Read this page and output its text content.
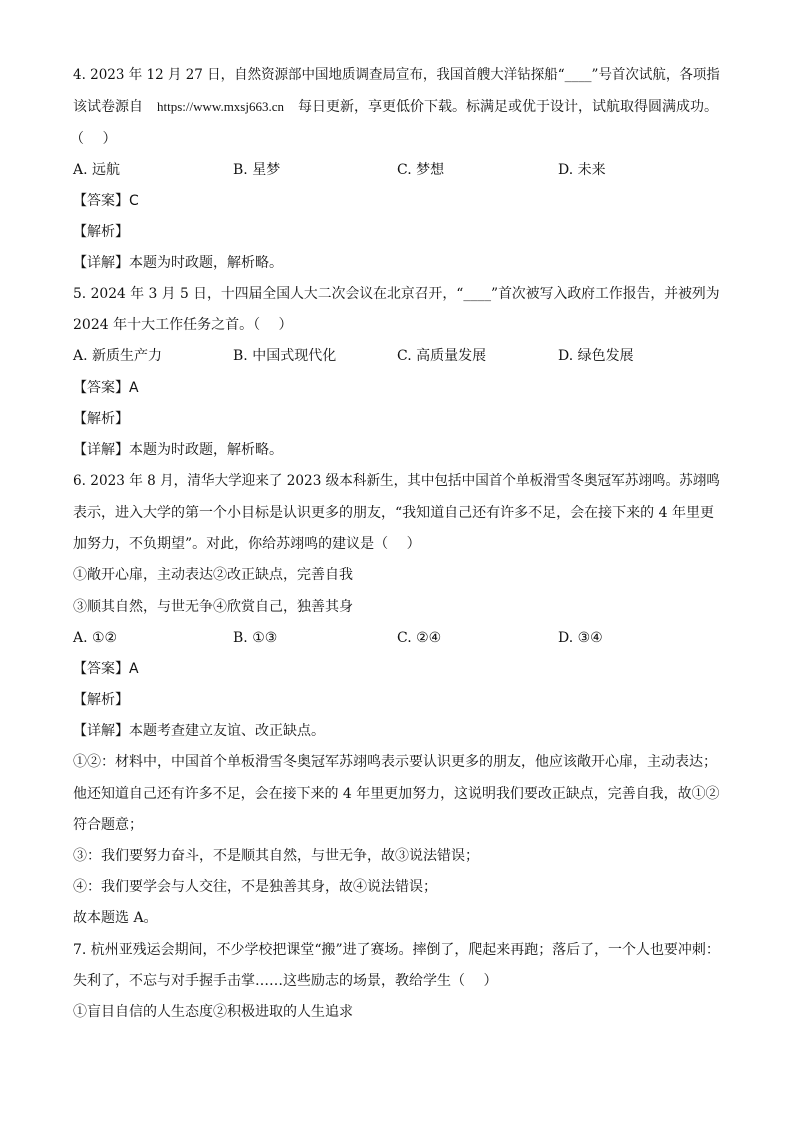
4. 2023 年 12 月 27 日，自然资源部中国地质调查局宣布，我国首艘大洋钻探船“____”号首次试航，各项指
该试卷源自 https://www.mxsj663.cn 每日更新，享更低价下载。标满足或优于设计，试航取得圆满成功。
（　 ）
A. 远航	B. 星梦	C. 梦想	D. 未来
【答案】C
【解析】
【详解】本题为时政题，解析略。
5. 2024 年 3 月 5 日，十四届全国人大二次会议在北京召开，“____”首次被写入政府工作报告，并被列为
2024 年十大工作任务之首。（　 ）
A. 新质生产力	B. 中国式现代化	C. 高质量发展	D. 绿色发展
【答案】A
【解析】
【详解】本题为时政题，解析略。
6. 2023 年 8 月，清华大学迎来了 2023 级本科新生，其中包括中国首个单板滑雪冬奥冠军苏翊鸣。苏翊鸣
表示，进入大学的第一个小目标是认识更多的朋友，“我知道自己还有许多不足，会在接下来的 4 年里更
加努力，不负期望”。对此，你给苏翊鸣的建议是（　 ）
①敞开心扉，主动表达②改正缺点，完善自我
③顺其自然，与世无争④欣赏自己，独善其身
A. ①②	B. ①③	C. ②④	D. ③④
【答案】A
【解析】
【详解】本题考查建立友谊、改正缺点。
①②：材料中，中国首个单板滑雪冬奥冠军苏翊鸣表示要认识更多的朋友，他应该敞开心扉，主动表达；
他还知道自己还有许多不足，会在接下来的 4 年里更加努力，这说明我们要改正缺点，完善自我，故①②
符合题意；
③：我们要努力奋斗，不是顺其自然，与世无争，故③说法错误；
④：我们要学会与人交往，不是独善其身，故④说法错误；
故本题选 A。
7. 杭州亚残运会期间，不少学校把课堂“搬”进了赛场。摔倒了，爬起来再跑；落后了，一个人也要冲刺：
失利了，不忘与对手握手击掌……这些励志的场景，教给学生（　 ）
①盲目自信的人生态度②积极进取的人生追求
